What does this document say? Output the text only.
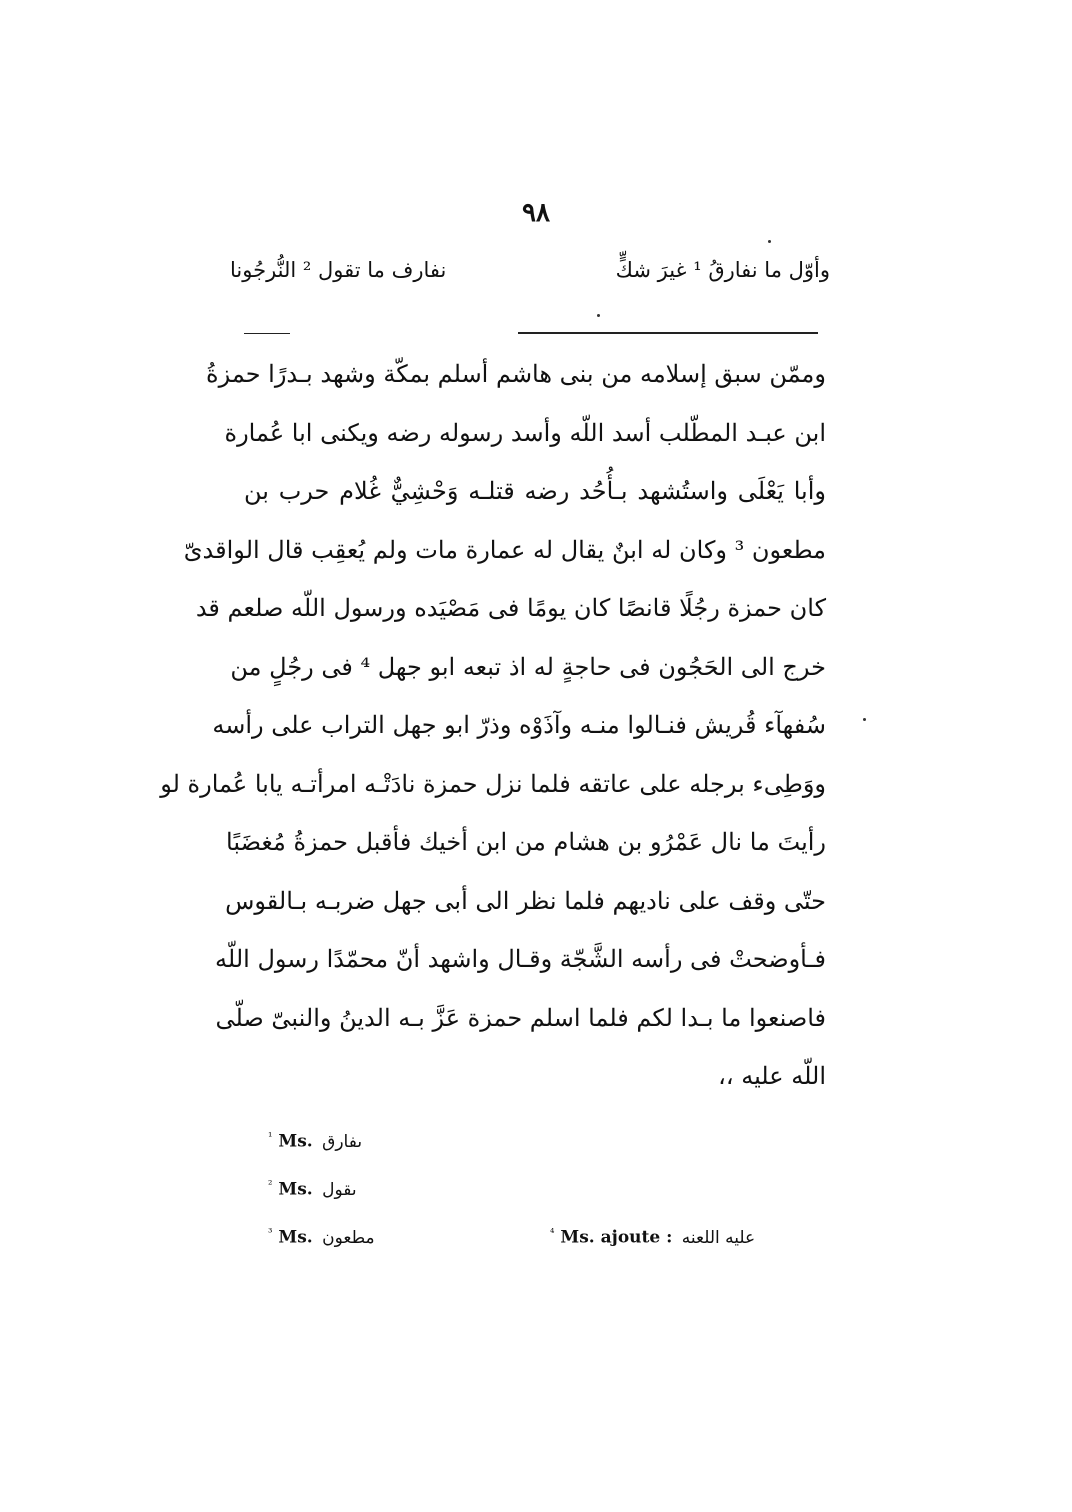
٩٨
وأوّل ما نفارقُ ¹ غيرَ شكٍّ
نفارف ما تقول ² النُّرجُونا
وممّن سبق إسلامه من بنى هاشم أسلم بمكّة وشهد بـدرًا حمزةُ
ابن عبـد المطّلب أسد اللّه وأسد رسوله رضه ويكنى ابا عُمارة
وأبا يَعْلَى واستُشهد بـأُحُد رضه قتلـه وَحْشِيٌّ غُلام حرب بن
مطعون ³ وكان له ابنٌ يقال له عمارة مات ولم يُعقِب قال الواقدىّ
كان حمزة رجُلًا قانصًا كان يومًا فى مَصْيَده ورسول اللّه صلعم قد
خرج الى الحَجُون فى حاجةٍ له اذ تبعه ابو جهل ⁴ فى رجُلٍ من
سُفهآء قُريش فنـالوا منـه وآذَوْه وذرّ ابو جهل التراب على رأسه
ووَطِىء برجله على عاتقه فلما نزل حمزة نادَتْـه امرأتـه يابا عُمارة لو
رأيتَ ما نال عَمْرُو بن هشام من ابن أخيك فأقبل حمزةُ مُغضَبًا
حتّى وقف على ناديهم فلما نظر الى أبى جهل ضربـه بـالقوس
فـأوضحتْ فى رأسه الشَّجّة وقـال واشهد أنّ محمّدًا رسول اللّه
فاصنعوا ما بـدا لكم فلما اسلم حمزة عَزَّ بـه الدينُ والنبىّ صلّى
اللّه عليه ،،
$^{^1}$ Ms. ىفارق
$^{^2}$ Ms. ىقول
$^{^3}$ Ms. مطعون	$^{^4}$ Ms. ajoute : عليه اللعنه
